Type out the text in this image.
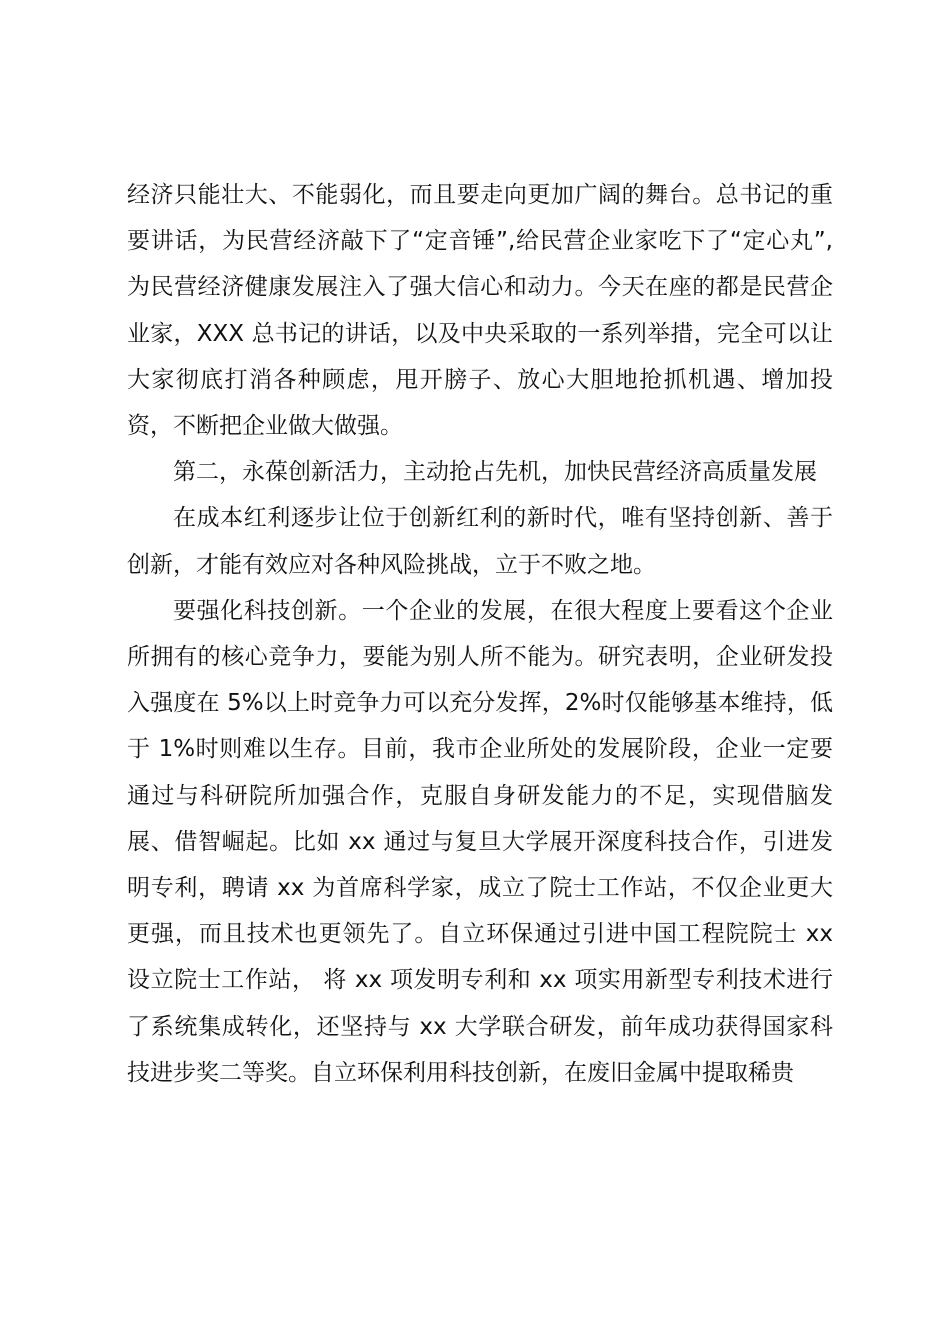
经济只能壮大、不能弱化，而且要走向更加广阔的舞台。总书记的重要讲话，为民营经济敲下了“定音锤”,给民营企业家吃下了“定心丸”,为民营经济健康发展注入了强大信心和动力。今天在座的都是民营企业家，XXX 总书记的讲话，以及中央采取的一系列举措，完全可以让大家彻底打消各种顾虑，甩开膀子、放心大胆地抢抓机遇、增加投资，不断把企业做大做强。

第二，永葆创新活力，主动抢占先机，加快民营经济高质量发展

在成本红利逐步让位于创新红利的新时代，唯有坚持创新、善于创新，才能有效应对各种风险挑战，立于不败之地。

要强化科技创新。一个企业的发展，在很大程度上要看这个企业所拥有的核心竞争力，要能为别人所不能为。研究表明，企业研发投入强度在 5%以上时竞争力可以充分发挥，2%时仅能够基本维持，低于 1%时则难以生存。目前，我市企业所处的发展阶段，企业一定要通过与科研院所加强合作，克服自身研发能力的不足，实现借脑发展、借智崛起。比如 xx 通过与复旦大学展开深度科技合作，引进发明专利，聘请 xx 为首席科学家，成立了院士工作站，不仅企业更大更强，而且技术也更领先了。自立环保通过引进中国工程院院士 xx 设立院士工作站， 将 xx 项发明专利和 xx 项实用新型专利技术进行了系统集成转化，还坚持与 xx 大学联合研发，前年成功获得国家科技进步奖二等奖。自立环保利用科技创新，在废旧金属中提取稀贵
